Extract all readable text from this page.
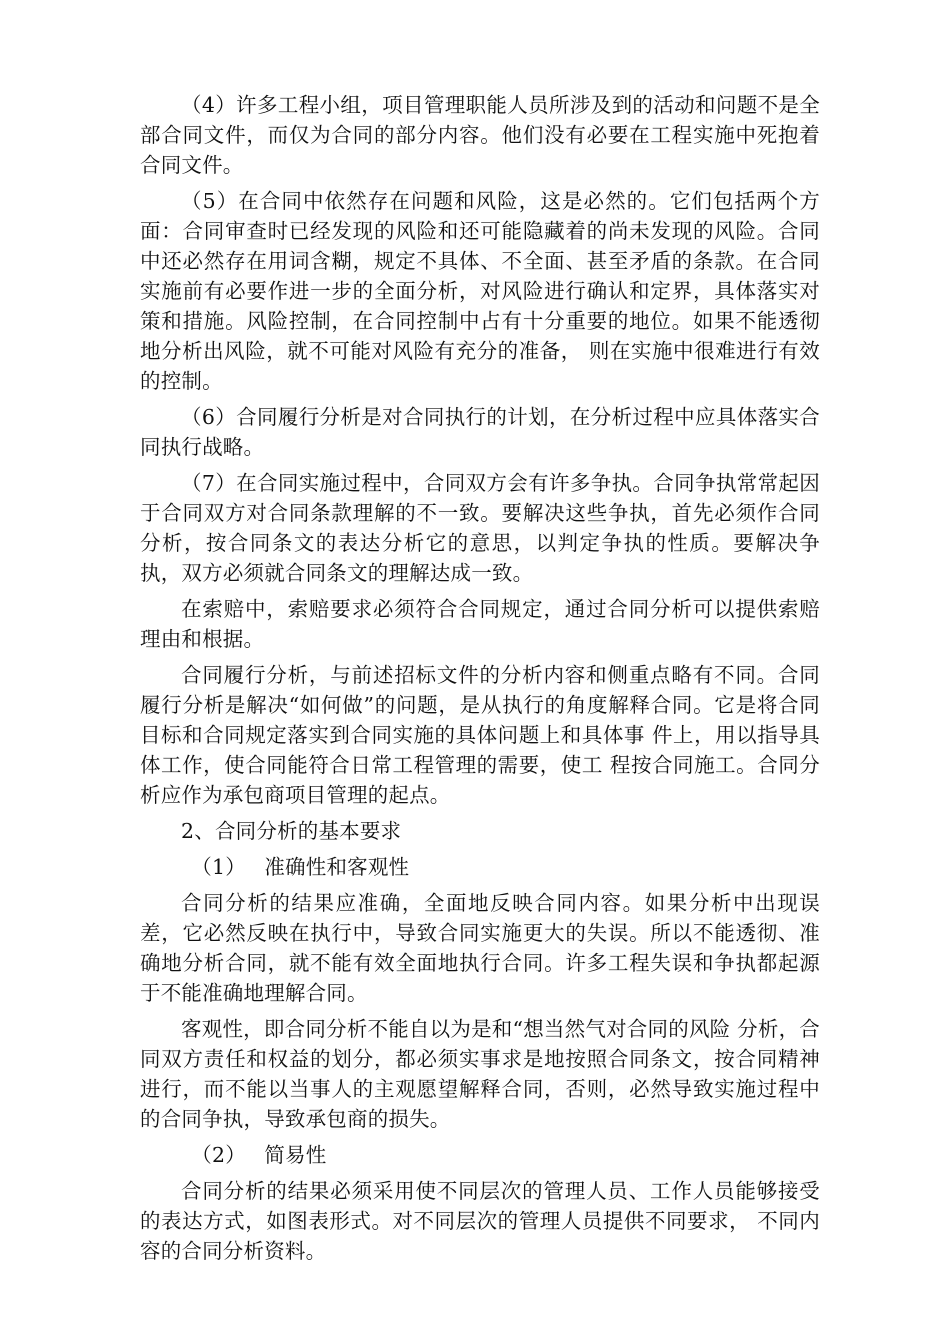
（4）许多工程小组，项目管理职能人员所涉及到的活动和问题不是全部合同文件，而仅为合同的部分内容。他们没有必要在工程实施中死抱着合同文件。

（5）在合同中依然存在问题和风险，这是必然的。它们包括两个方面：合同审查时已经发现的风险和还可能隐藏着的尚未发现的风险。合同中还必然存在用词含糊，规定不具体、不全面、甚至矛盾的条款。在合同实施前有必要作进一步的全面分析，对风险进行确认和定界，具体落实对策和措施。风险控制，在合同控制中占有十分重要的地位。如果不能透彻地分析出风险，就不可能对风险有充分的准备， 则在实施中很难进行有效的控制。

（6）合同履行分析是对合同执行的计划，在分析过程中应具体落实合同执行战略。

（7）在合同实施过程中，合同双方会有许多争执。合同争执常常起因于合同双方对合同条款理解的不一致。要解决这些争执，首先必须作合同分析，按合同条文的表达分析它的意思，以判定争执的性质。要解决争执，双方必须就合同条文的理解达成一致。

在索赔中，索赔要求必须符合合同规定，通过合同分析可以提供索赔理由和根据。

合同履行分析，与前述招标文件的分析内容和侧重点略有不同。合同履行分析是解决“如何做”的问题，是从执行的角度解释合同。它是将合同目标和合同规定落实到合同实施的具体问题上和具体事 件上，用以指导具体工作，使合同能符合日常工程管理的需要，使工 程按合同施工。合同分析应作为承包商项目管理的起点。

2、合同分析的基本要求

（1） 准确性和客观性

合同分析的结果应准确，全面地反映合同内容。如果分析中出现误差，它必然反映在执行中，导致合同实施更大的失误。所以不能透彻、准确地分析合同，就不能有效全面地执行合同。许多工程失误和争执都起源于不能准确地理解合同。

客观性，即合同分析不能自以为是和“想当然气对合同的风险 分析，合同双方责任和权益的划分，都必须实事求是地按照合同条文，按合同精神进行，而不能以当事人的主观愿望解释合同，否则，必然导致实施过程中的合同争执，导致承包商的损失。

（2） 简易性

合同分析的结果必须采用使不同层次的管理人员、工作人员能够接受的表达方式，如图表形式。对不同层次的管理人员提供不同要求， 不同内容的合同分析资料。
